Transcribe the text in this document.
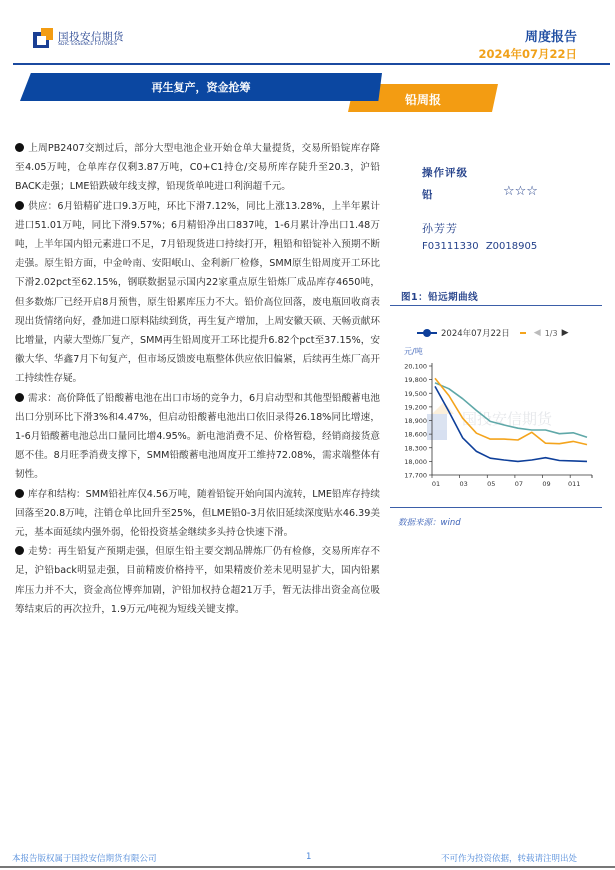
国投安信期货
SDIC ESSENCE FUTURES	周度报告
2024年07月22日
铅周报
再生复产，资金抢筹

上周PB2407交割过后，部分大型电池企业开始仓单大量提货，交易所铅锭库存降至4.05万吨，仓单库存仅剩3.87万吨，C0+C1持仓/交易所库存陡升至20.3，沪铅BACK走强；LME铅跌破年线支撑，铅现货单吨进口利润超千元。

供应：6月铅精矿进口9.3万吨，环比下滑7.12%，同比上涨13.28%，上半年累计进口51.01万吨，同比下滑9.57%；6月精铅净出口837吨，1-6月累计净出口1.48万吨，上半年国内铅元素进口不足，7月铅现货进口持续打开，粗铅和铅锭补入预期不断走强。原生铅方面，中金岭南、安阳岷山、金利新厂检修，SMM原生铅周度开工环比下滑2.02pct至62.15%，钢联数据显示国内22家重点原生铅炼厂成品库存4650吨，但多数炼厂已经开启8月预售，原生铅累库压力不大。铅价高位回落，废电瓶回收商表现出货情绪向好，叠加进口原料陆续到货，再生复产增加，上周安徽天硕、天畅贡献环比增量，内蒙大型炼厂复产，SMM再生铅周度开工环比提升6.82个pct至37.15%，安徽大华、华鑫7月下旬复产，但市场反馈废电瓶整体供应依旧偏紧，后续再生炼厂高开工持续性存疑。

需求：高价降低了铅酸蓄电池在出口市场的竞争力，6月启动型和其他型铅酸蓄电池出口分别环比下滑3%和4.47%，但启动铅酸蓄电池出口依旧录得26.18%同比增速，1-6月铅酸蓄电池总出口量同比增4.95%。新电池消费不足、价格暂稳，经销商接货意愿不佳。8月旺季消费支撑下，SMM铅酸蓄电池周度开工维持72.08%，需求端整体有韧性。

库存和结构：SMM铅社库仅4.56万吨，随着铅锭开始向国内流转，LME铅库存持续回落至20.8万吨，注销仓单比回升至25%，但LME铅0-3月依旧延续深度贴水46.39美元，基本面延续内强外弱，伦铅投资基金继续多头持仓快速下滑。

走势：再生铅复产预期走强，但原生铅主要交割品牌炼厂仍有检修，交易所库存不足，沪铅back明显走强，目前精废价格持平，如果精废价差未见明显扩大，国内铅累库压力并不大，资金高位博弈加剧，沪铅加权持仓超21万手，暂无法排出资金高位吸筹结束后的再次拉升，1.9万元/吨视为短线关键支撑。

操作评级
铅	☆☆☆
孙芳芳
F03111330 Z0018905
图1：铅远期曲线
国投安信期货
20,100
19,800
19,500
19,200
18,900
18,600
18,300
18,000
17,700
01	03	05	07	09	011
2024年07月22日	◀ 1/3 ▶
元/吨
数据来源：wind
本报告版权属于国投安信期货有限公司	1	不可作为投资依据，转载请注明出处
